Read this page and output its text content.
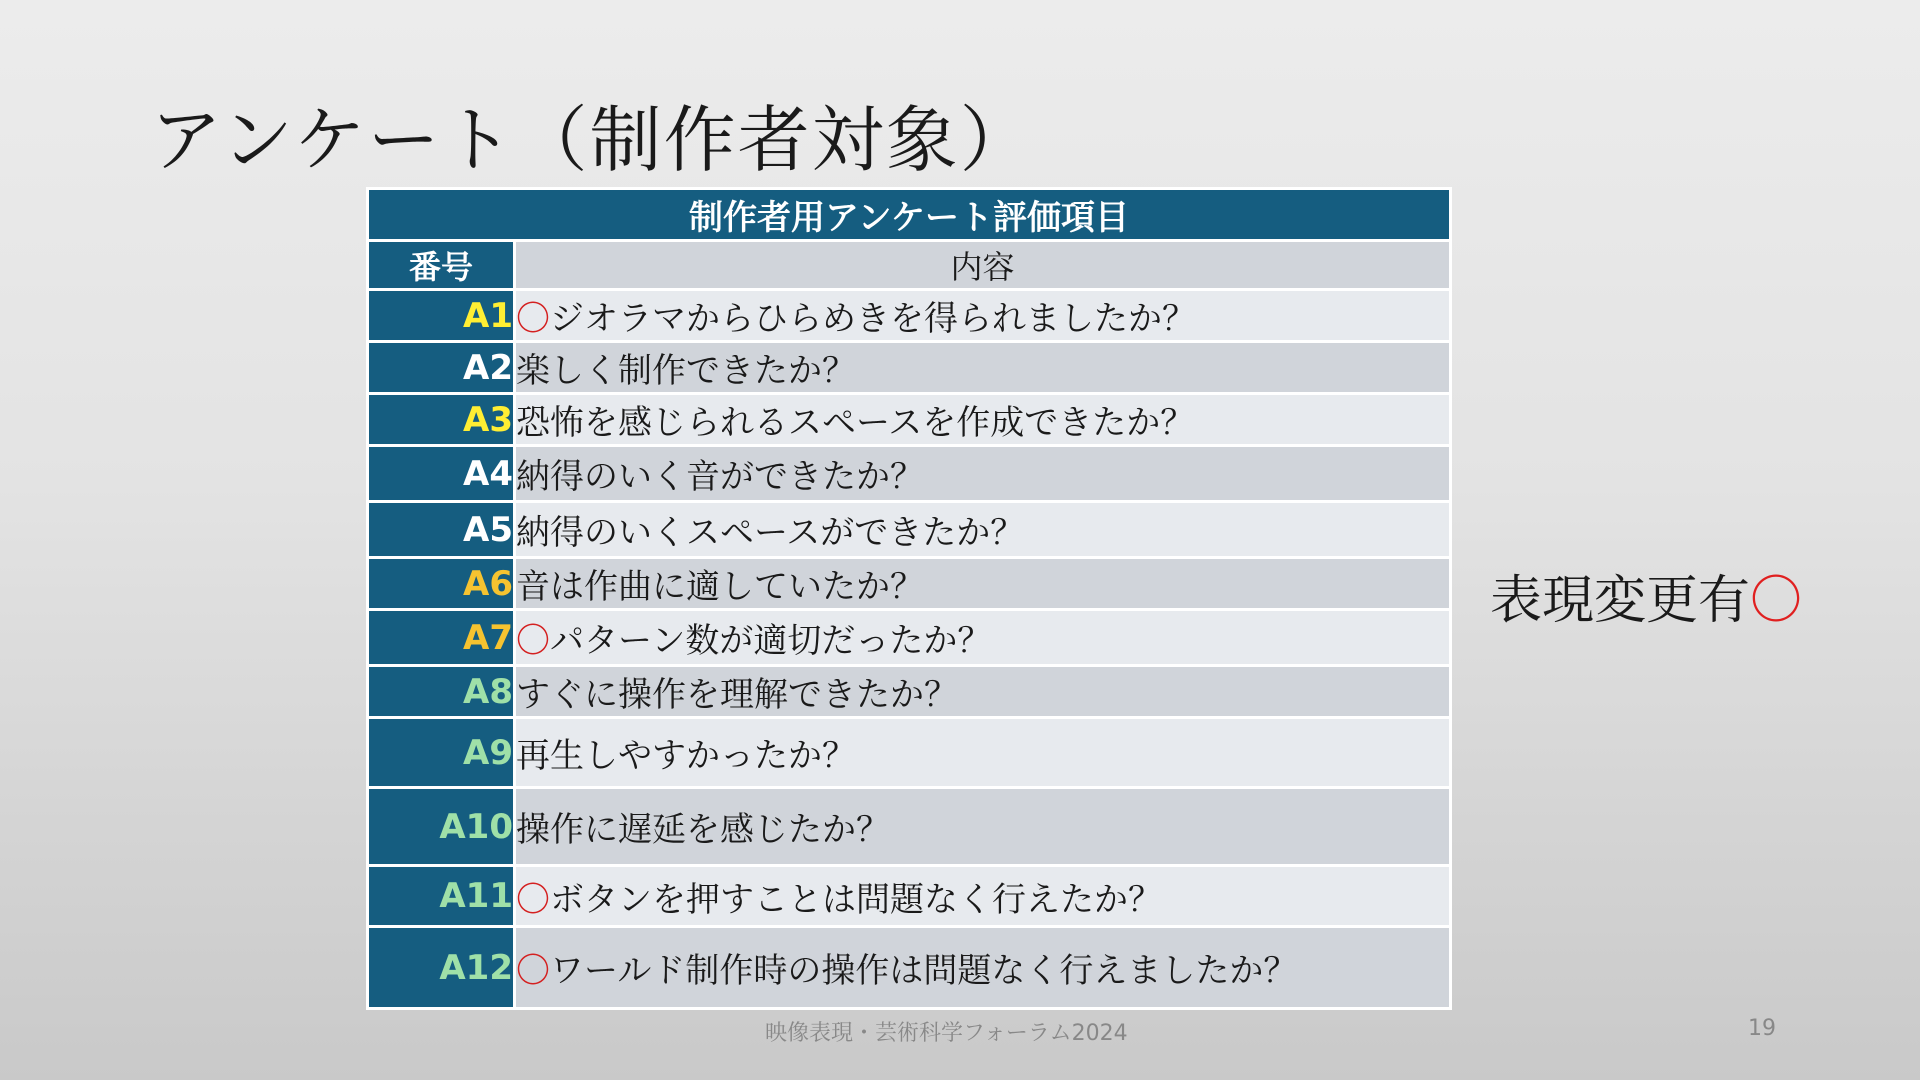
アンケート（制作者対象）
制作者用アンケート評価項目	
番号	内容
A1	〇ジオラマからひらめきを得られましたか？
A2	楽しく制作できたか？
A3	恐怖を感じられるスペースを作成できたか？
A4	納得のいく音ができたか？
A5	納得のいくスペースができたか？
A6	音は作曲に適していたか？
A7	〇パターン数が適切だったか？
A8	すぐに操作を理解できたか？
A9	再生しやすかったか？
A10	操作に遅延を感じたか？
A11	〇ボタンを押すことは問題なく行えたか？
A12	〇ワールド制作時の操作は問題なく行えましたか？
表現変更有〇
映像表現・芸術科学フォーラム2024	19
